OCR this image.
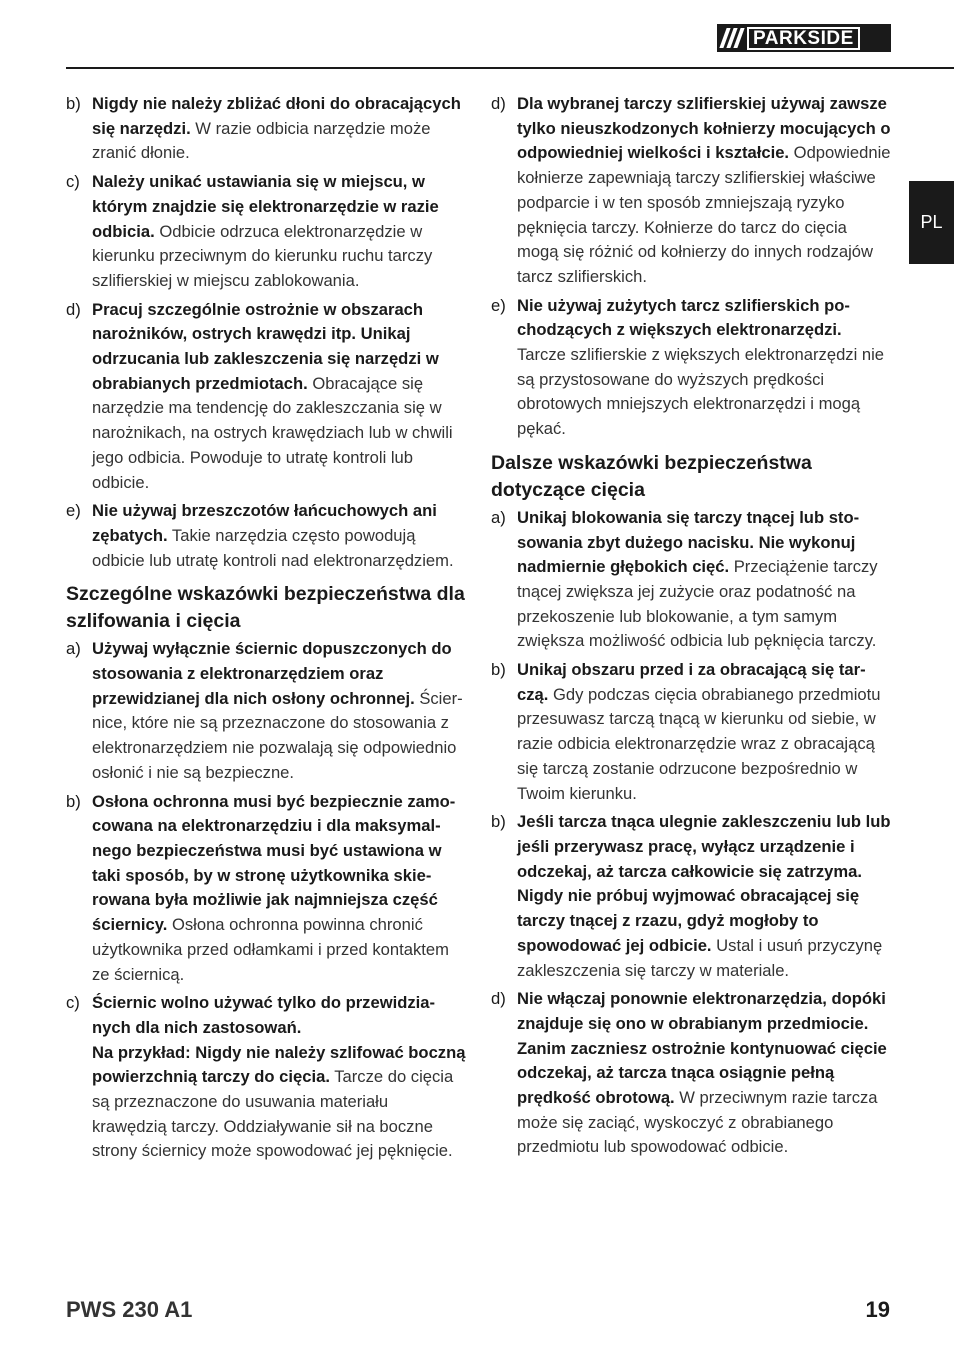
PARKSIDE
PL
b) Nigdy nie należy zbliżać dłoni do obracających się narzędzi. W razie odbicia narzędzie może zranić dłonie.
c) Należy unikać ustawiania się w miejscu, w którym znajdzie się elektronarzędzie w razie odbicia. Odbicie odrzuca elektronarzędzie w kierunku przeciwnym do kierunku ruchu tarczy szlifierskiej w miejscu zablokowania.
d) Pracuj szczególnie ostrożnie w obszarach narożników, ostrych krawędzi itp. Unikaj odrzucania lub zakleszczenia się narzędzi w obrabianych przedmiotach. Obracające się narzędzie ma tendencję do zakleszczania się w narożnikach, na ostrych krawędziach lub w chwili jego odbicia. Powoduje to utratę kontroli lub odbicie.
e) Nie używaj brzeszczotów łańcuchowych ani zębatych. Takie narzędzia często powodują odbicie lub utratę kontroli nad elektronarzędziem.
Szczególne wskazówki bezpieczeństwa dla szlifowania i cięcia
a) Używaj wyłącznie ściernic dopuszczonych do stosowania z elektronarzędziem oraz przewidzianej dla nich osłony ochronnej. Ściernice, które nie są przeznaczone do stosowania z elektronarzędziem nie pozwalają się odpowiednio osłonić i nie są bezpieczne.
b) Osłona ochronna musi być bezpiecznie zamocowana na elektronarzędziu i dla maksymalnego bezpieczeństwa musi być ustawiona w taki sposób, by w stronę użytkownika skierowana była możliwie jak najmniejsza część ściernicy. Osłona ochronna powinna chronić użytkownika przed odłamkami i przed kontaktem ze ściernicą.
c) Ściernic wolno używać tylko do przewidzianych dla nich zastosowań.
Na przykład: Nigdy nie należy szlifować boczną powierzchnią tarczy do cięcia. Tarcze do cięcia są przeznaczone do usuwania materiału krawędzią tarczy. Oddziaływanie sił na boczne strony ściernicy może spowodować jej pęknięcie.
d) Dla wybranej tarczy szlifierskiej używaj zawsze tylko nieuszkodzonych kołnierzy mocujących o odpowiedniej wielkości i kształcie. Odpowiednie kołnierze zapewniają tarczy szlifierskiej właściwe podparcie i w ten sposób zmniejszają ryzyko pęknięcia tarczy. Kołnierze do tarcz do cięcia mogą się różnić od kołnierzy do innych rodzajów tarcz szlifierskich.
e) Nie używaj zużytych tarcz szlifierskich pochodzących z większych elektronarzędzi. Tarcze szlifierskie z większych elektronarzędzi nie są przystosowane do wyższych prędkości obrotowych mniejszych elektronarzędzi i mogą pękać.
Dalsze wskazówki bezpieczeństwa dotyczące cięcia
a) Unikaj blokowania się tarczy tnącej lub stosowania zbyt dużego nacisku. Nie wykonuj nadmiernie głębokich cięć. Przeciążenie tarczy tnącej zwiększa jej zużycie oraz podatność na przekoszenie lub blokowanie, a tym samym zwiększa możliwość odbicia lub pęknięcia tarczy.
b) Unikaj obszaru przed i za obracającą się tarczą. Gdy podczas cięcia obrabianego przedmiotu przesuwasz tarczą tnącą w kierunku od siebie, w razie odbicia elektronarzędzie wraz z obracającą się tarczą zostanie odrzucone bezpośrednio w Twoim kierunku.
b) Jeśli tarcza tnąca ulegnie zakleszczeniu lub lub jeśli przerywasz pracę, wyłącz urządzenie i odczekaj, aż tarcza całkowicie się zatrzyma. Nigdy nie próbuj wyjmować obracającej się tarczy tnącej z rzazu, gdyż mogłoby to spowodować jej odbicie. Ustal i usuń przyczynę zakleszczenia się tarczy w materiale.
d) Nie włączaj ponownie elektronarzędzia, dopóki znajduje się ono w obrabianym przedmiocie. Zanim zaczniesz ostrożnie kontynuować cięcie odczekaj, aż tarcza tnąca osiągnie pełną prędkość obrotową. W przeciwnym razie tarcza może się zaciąć, wyskoczyć z obrabianego przedmiotu lub spowodować odbicie.
PWS 230 A1	19
